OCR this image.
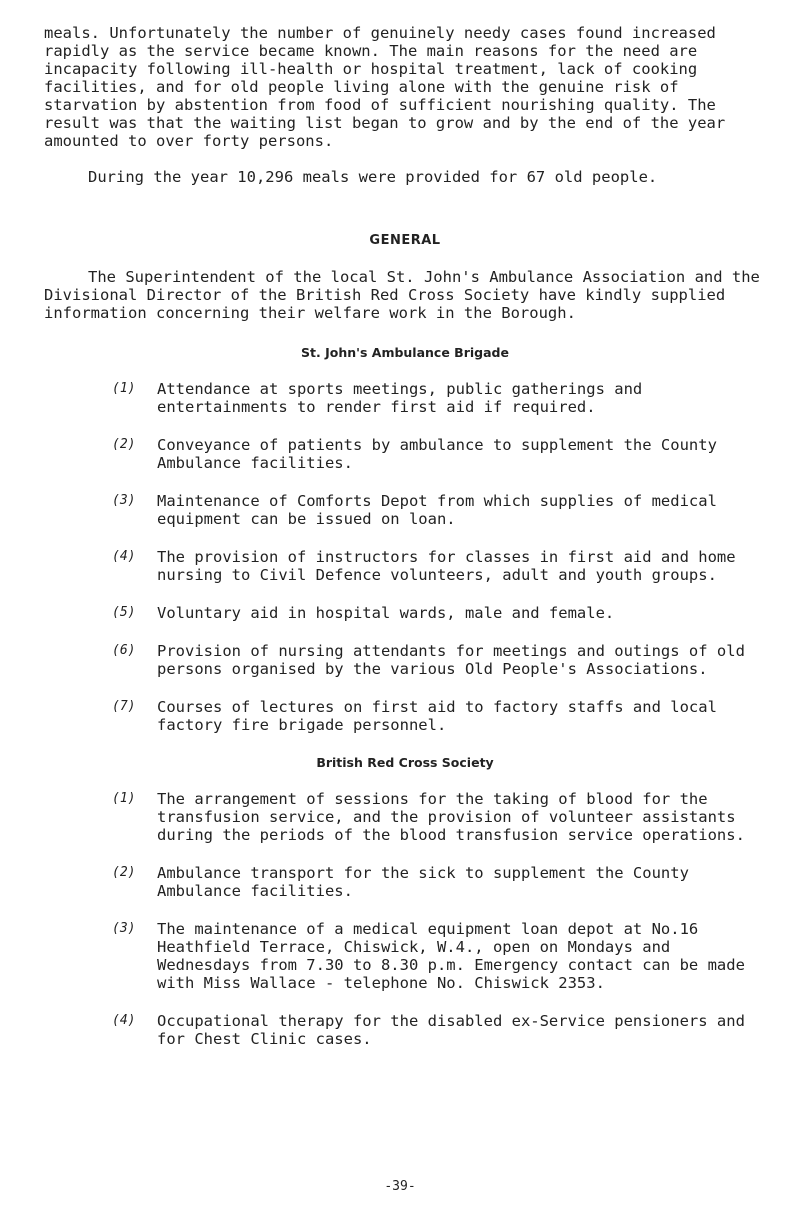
meals. Unfortunately the number of genuinely needy cases found increased rapidly as the service became known. The main reasons for the need are incapacity following ill-health or hospital treatment, lack of cooking facilities, and for old people living alone with the genuine risk of starvation by abstention from food of sufficient nourishing quality. The result was that the waiting list began to grow and by the end of the year amounted to over forty persons.

During the year 10,296 meals were provided for 67 old people.

GENERAL

The Superintendent of the local St. John's Ambulance Association and the Divisional Director of the British Red Cross Society have kindly supplied information concerning their welfare work in the Borough.

St. John's Ambulance Brigade

(1) Attendance at sports meetings, public gatherings and entertainments to render first aid if required.
(2) Conveyance of patients by ambulance to supplement the County Ambulance facilities.
(3) Maintenance of Comforts Depot from which supplies of medical equipment can be issued on loan.
(4) The provision of instructors for classes in first aid and home nursing to Civil Defence volunteers, adult and youth groups.
(5) Voluntary aid in hospital wards, male and female.
(6) Provision of nursing attendants for meetings and outings of old persons organised by the various Old People's Associations.
(7) Courses of lectures on first aid to factory staffs and local factory fire brigade personnel.

British Red Cross Society

(1) The arrangement of sessions for the taking of blood for the transfusion service, and the provision of volunteer assistants during the periods of the blood transfusion service operations.
(2) Ambulance transport for the sick to supplement the County Ambulance facilities.
(3) The maintenance of a medical equipment loan depot at No.16 Heathfield Terrace, Chiswick, W.4., open on Mondays and Wednesdays from 7.30 to 8.30 p.m. Emergency contact can be made with Miss Wallace - telephone No. Chiswick 2353.
(4) Occupational therapy for the disabled ex-Service pensioners and for Chest Clinic cases.
-39-
